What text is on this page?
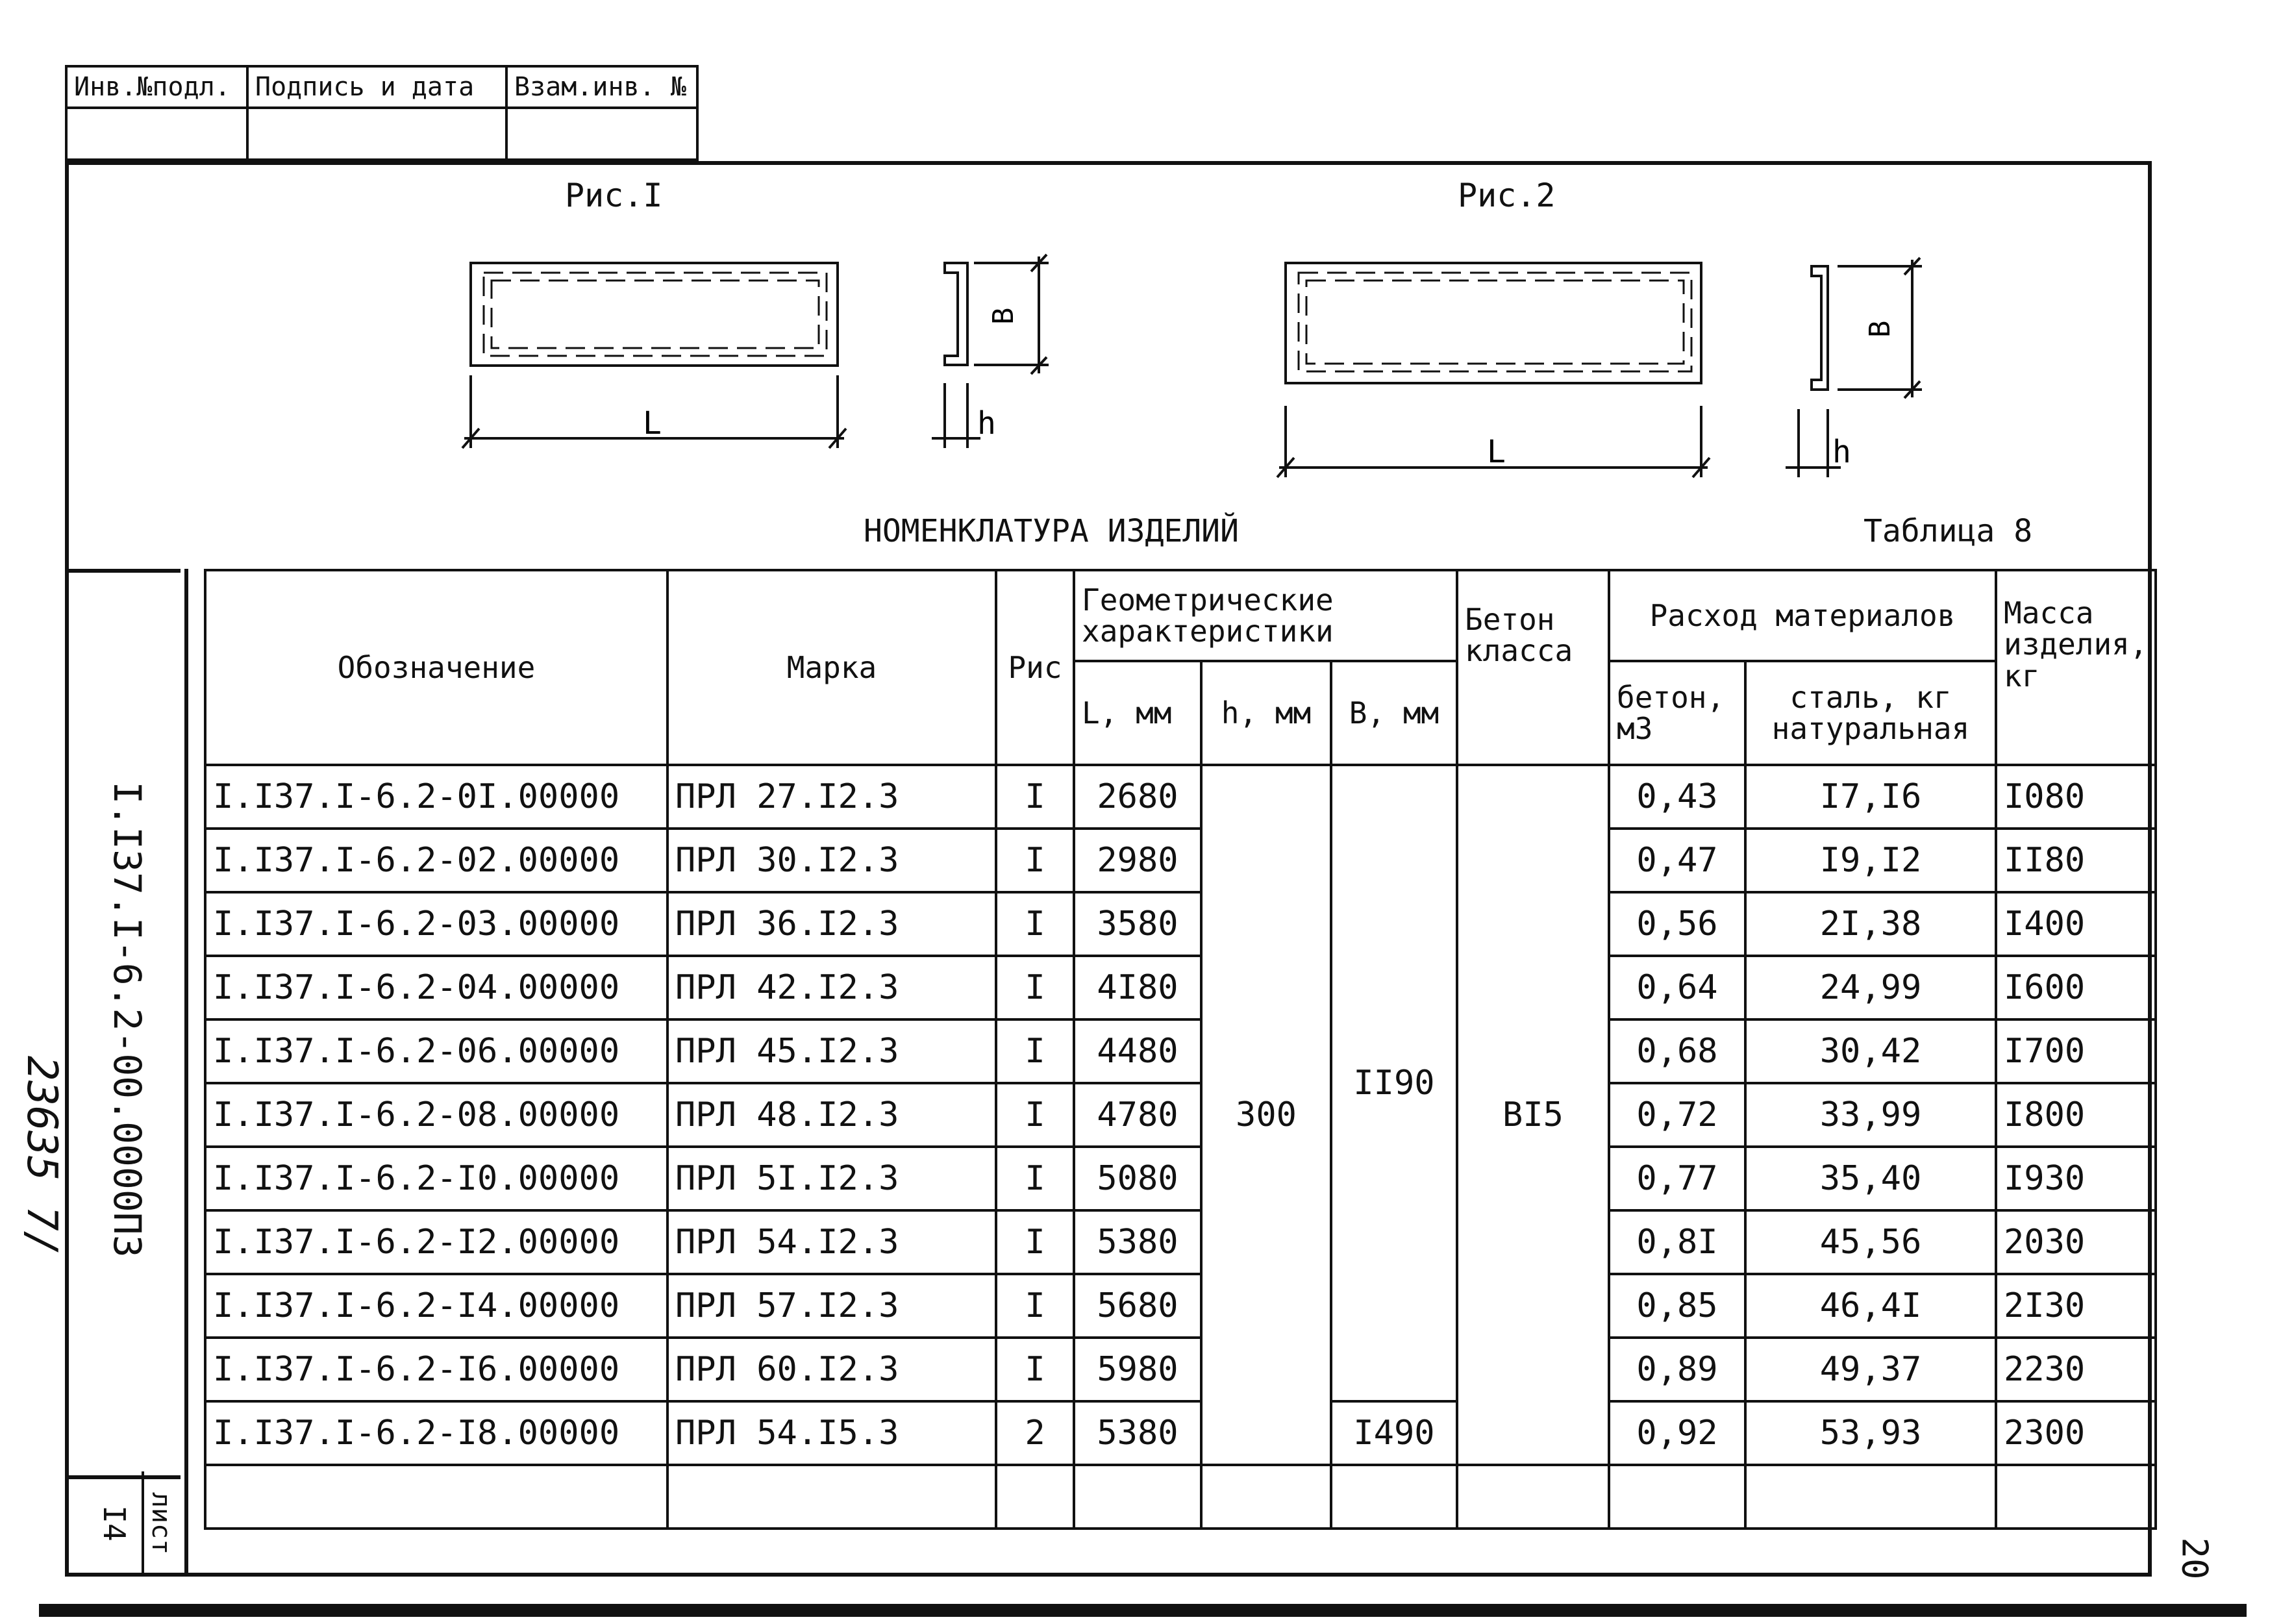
Инв.№подл.	Подпись и дата	Взам.инв. №

Рис.I	Рис.2
L
B
h
L
B
h
НОМЕНКЛАТУРА ИЗДЕЛИЙ	Таблица 8
I.I37.I-6.2-00.0000ПЗ
лист
I4
23635 7/
Обозначение	Марка	Рис	Геометрические характеристики			Бетон класса	Расход материалов		Масса изделия, кг
			L, мм	h, мм	B, мм		бетон, м3	сталь, кг натуральная	
I.I37.I-6.2-0I.00000	ПРЛ 27.I2.3	I	2680	300	II90	BI5	0,43	I7,I6	I080
I.I37.I-6.2-02.00000	ПРЛ 30.I2.3	I	2980				0,47	I9,I2	II80
I.I37.I-6.2-03.00000	ПРЛ 36.I2.3	I	3580				0,56	2I,38	I400
I.I37.I-6.2-04.00000	ПРЛ 42.I2.3	I	4I80				0,64	24,99	I600
I.I37.I-6.2-06.00000	ПРЛ 45.I2.3	I	4480				0,68	30,42	I700
I.I37.I-6.2-08.00000	ПРЛ 48.I2.3	I	4780				0,72	33,99	I800
I.I37.I-6.2-I0.00000	ПРЛ 5I.I2.3	I	5080				0,77	35,40	I930
I.I37.I-6.2-I2.00000	ПРЛ 54.I2.3	I	5380				0,8I	45,56	2030
I.I37.I-6.2-I4.00000	ПРЛ 57.I2.3	I	5680				0,85	46,4I	2I30
I.I37.I-6.2-I6.00000	ПРЛ 60.I2.3	I	5980				0,89	49,37	2230
I.I37.I-6.2-I8.00000	ПРЛ 54.I5.3	2	5380		I490		0,92	53,93	2300

20
